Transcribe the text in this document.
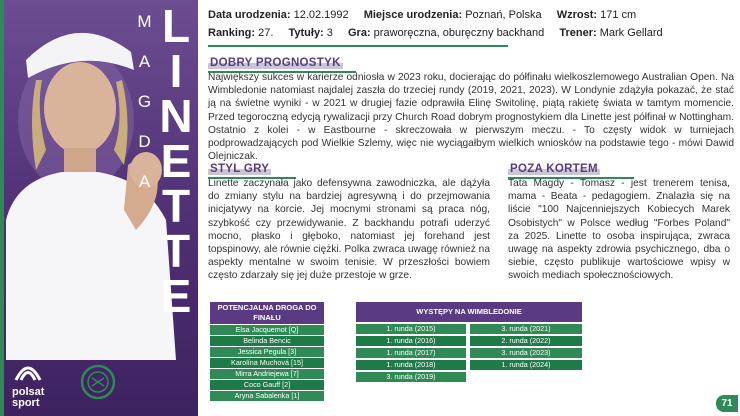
M
A
G
D
A
L
I
N
E
T
T
E
polsat
sport
Data urodzenia: 12.02.1992 Miejsce urodzenia: Poznań, Polska Wzrost: 171 cm
Ranking: 27. Tytuły: 3 Gra: praworęczna, oburęczny backhand Trener: Mark Gellard
DOBRY PROGNOSTYK
Największy sukces w karierze odniosła w 2023 roku, docierając do półfinału wielkoszlemowego Australian Open. Na Wimbledonie natomiast najdalej zaszła do trzeciej rundy (2019, 2021, 2023). W Londynie zdążyła pokazać, że stać ją na świetne wyniki - w 2021 w drugiej fazie odprawiła Elinę Switolinę, piątą rakietę świata w tamtym momencie. Przed tegoroczną edycją rywalizacji przy Church Road dobrym prognostykiem dla Linette jest półfinał w Nottingham. Ostatnio z kolei - w Eastbourne - skreczowała w pierwszym meczu. - To częsty widok w turniejach podprowadzających pod Wielkie Szlemy, więc nie wyciągałbym wielkich wniosków na podstawie tego - mówi Dawid Olejniczak.
STYL GRY
Linette zaczynała jako defensywna zawodniczka, ale dążyła do zmiany stylu na bardziej agresywną i do przejmowania inicjatywy na korcie. Jej mocnymi stronami są praca nóg, szybkość czy przewidywanie. Z backhandu potrafi uderzyć mocno, płasko i głęboko, natomiast jej forehand jest topspinowy, ale równie ciężki. Polka zwraca uwagę również na aspekty mentalne w swoim tenisie. W przeszłości bowiem często zdarzały się jej duże przestoje w grze.
POZA KORTEM
Tata Magdy - Tomasz - jest trenerem tenisa, mama - Beata - pedagogiem. Znalazła się na liście "100 Najcenniejszych Kobiecych Marek Osobistych" w Polsce według "Forbes Poland" za 2025. Linette to osoba inspirująca, zwraca uwagę na aspekty zdrowia psychicznego, dba o siebie, często publikuje wartościowe wpisy w swoich mediach społecznościowych.
POTENCJALNA DROGA DO FINAŁU
Elsa Jacquemot [Q]
Belinda Bencic
Jessica Pegula [3]
Karolína Muchová [15]
Mirra Andriejewa [7]
Coco Gauff [2]
Aryna Sabalenka [1]
WYSTĘPY NA WIMBLEDONIE
1. runda (2015)
1. runda (2016)
1. runda (2017)
1. runda (2018)
3. runda (2019)
3. runda (2021)
2. runda (2022)
3. runda (2023)
1. runda (2024)
71
